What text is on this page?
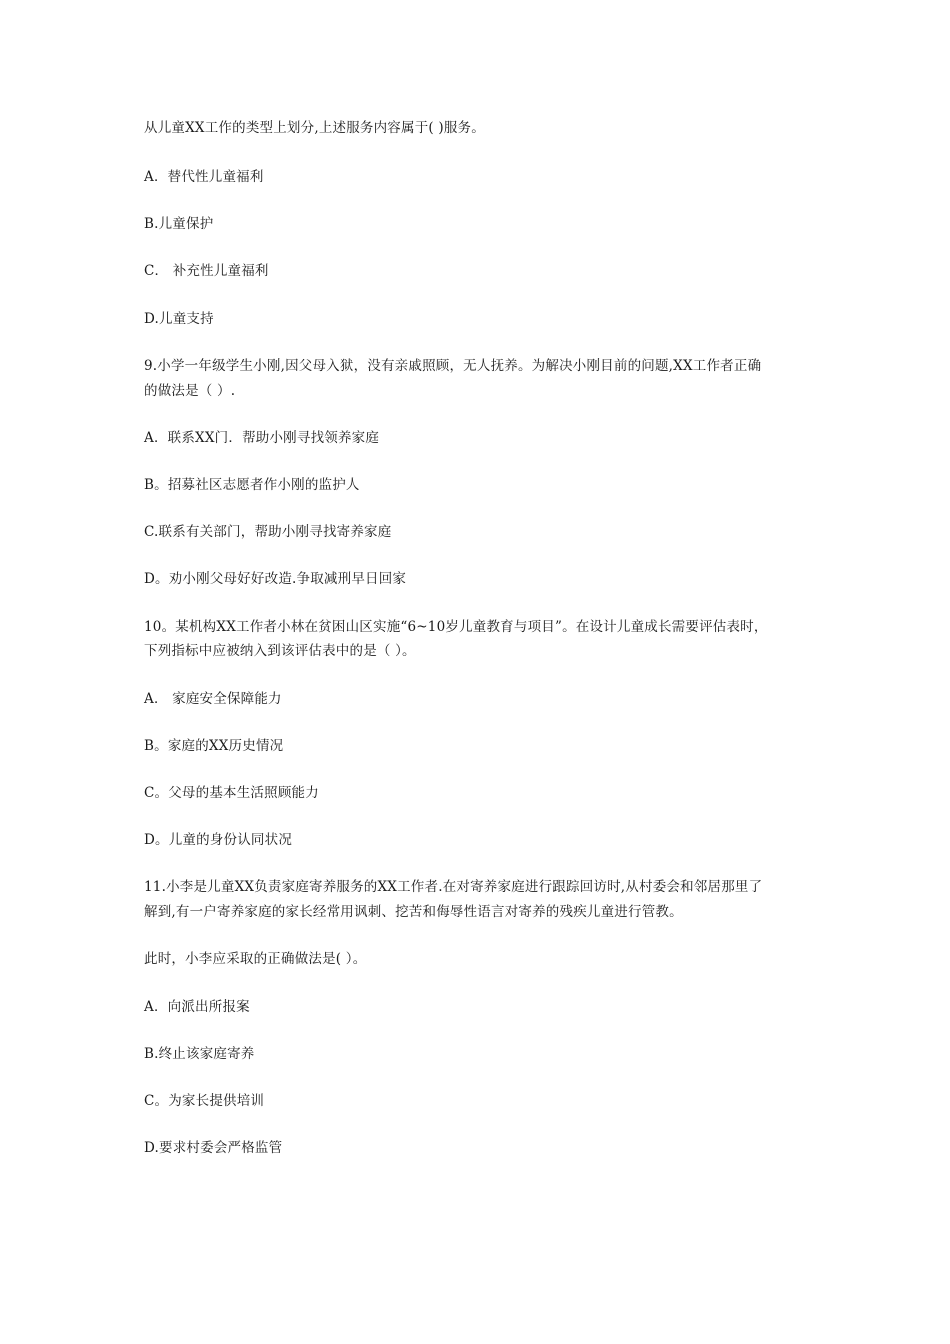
从儿童XX工作的类型上划分,上述服务内容属于( )服务。
A．替代性儿童福利
B.儿童保护
C． 补充性儿童福利
D.儿童支持
9.小学一年级学生小刚,因父母入狱，没有亲戚照顾，无人抚养。为解决小刚目前的问题,XX工作者正确
的做法是（ ）.
A．联系XX门．帮助小刚寻找领养家庭
B。招募社区志愿者作小刚的监护人
C.联系有关部门，帮助小刚寻找寄养家庭
D。劝小刚父母好好改造.争取减刑早日回家
10。某机构XX工作者小林在贫困山区实施“6~10岁儿童教育与项目”。在设计儿童成长需要评估表时，
下列指标中应被纳入到该评估表中的是（ ）。
A． 家庭安全保障能力
B。家庭的XX历史情况
C。父母的基本生活照顾能力
D。儿童的身份认同状况
11.小李是儿童XX负责家庭寄养服务的XX工作者.在对寄养家庭进行跟踪回访时,从村委会和邻居那里了
解到,有一户寄养家庭的家长经常用讽刺、挖苦和侮辱性语言对寄养的残疾儿童进行管教。
此时，小李应采取的正确做法是( ）。
A．向派出所报案
B.终止该家庭寄养
C。为家长提供培训
D.要求村委会严格监管
